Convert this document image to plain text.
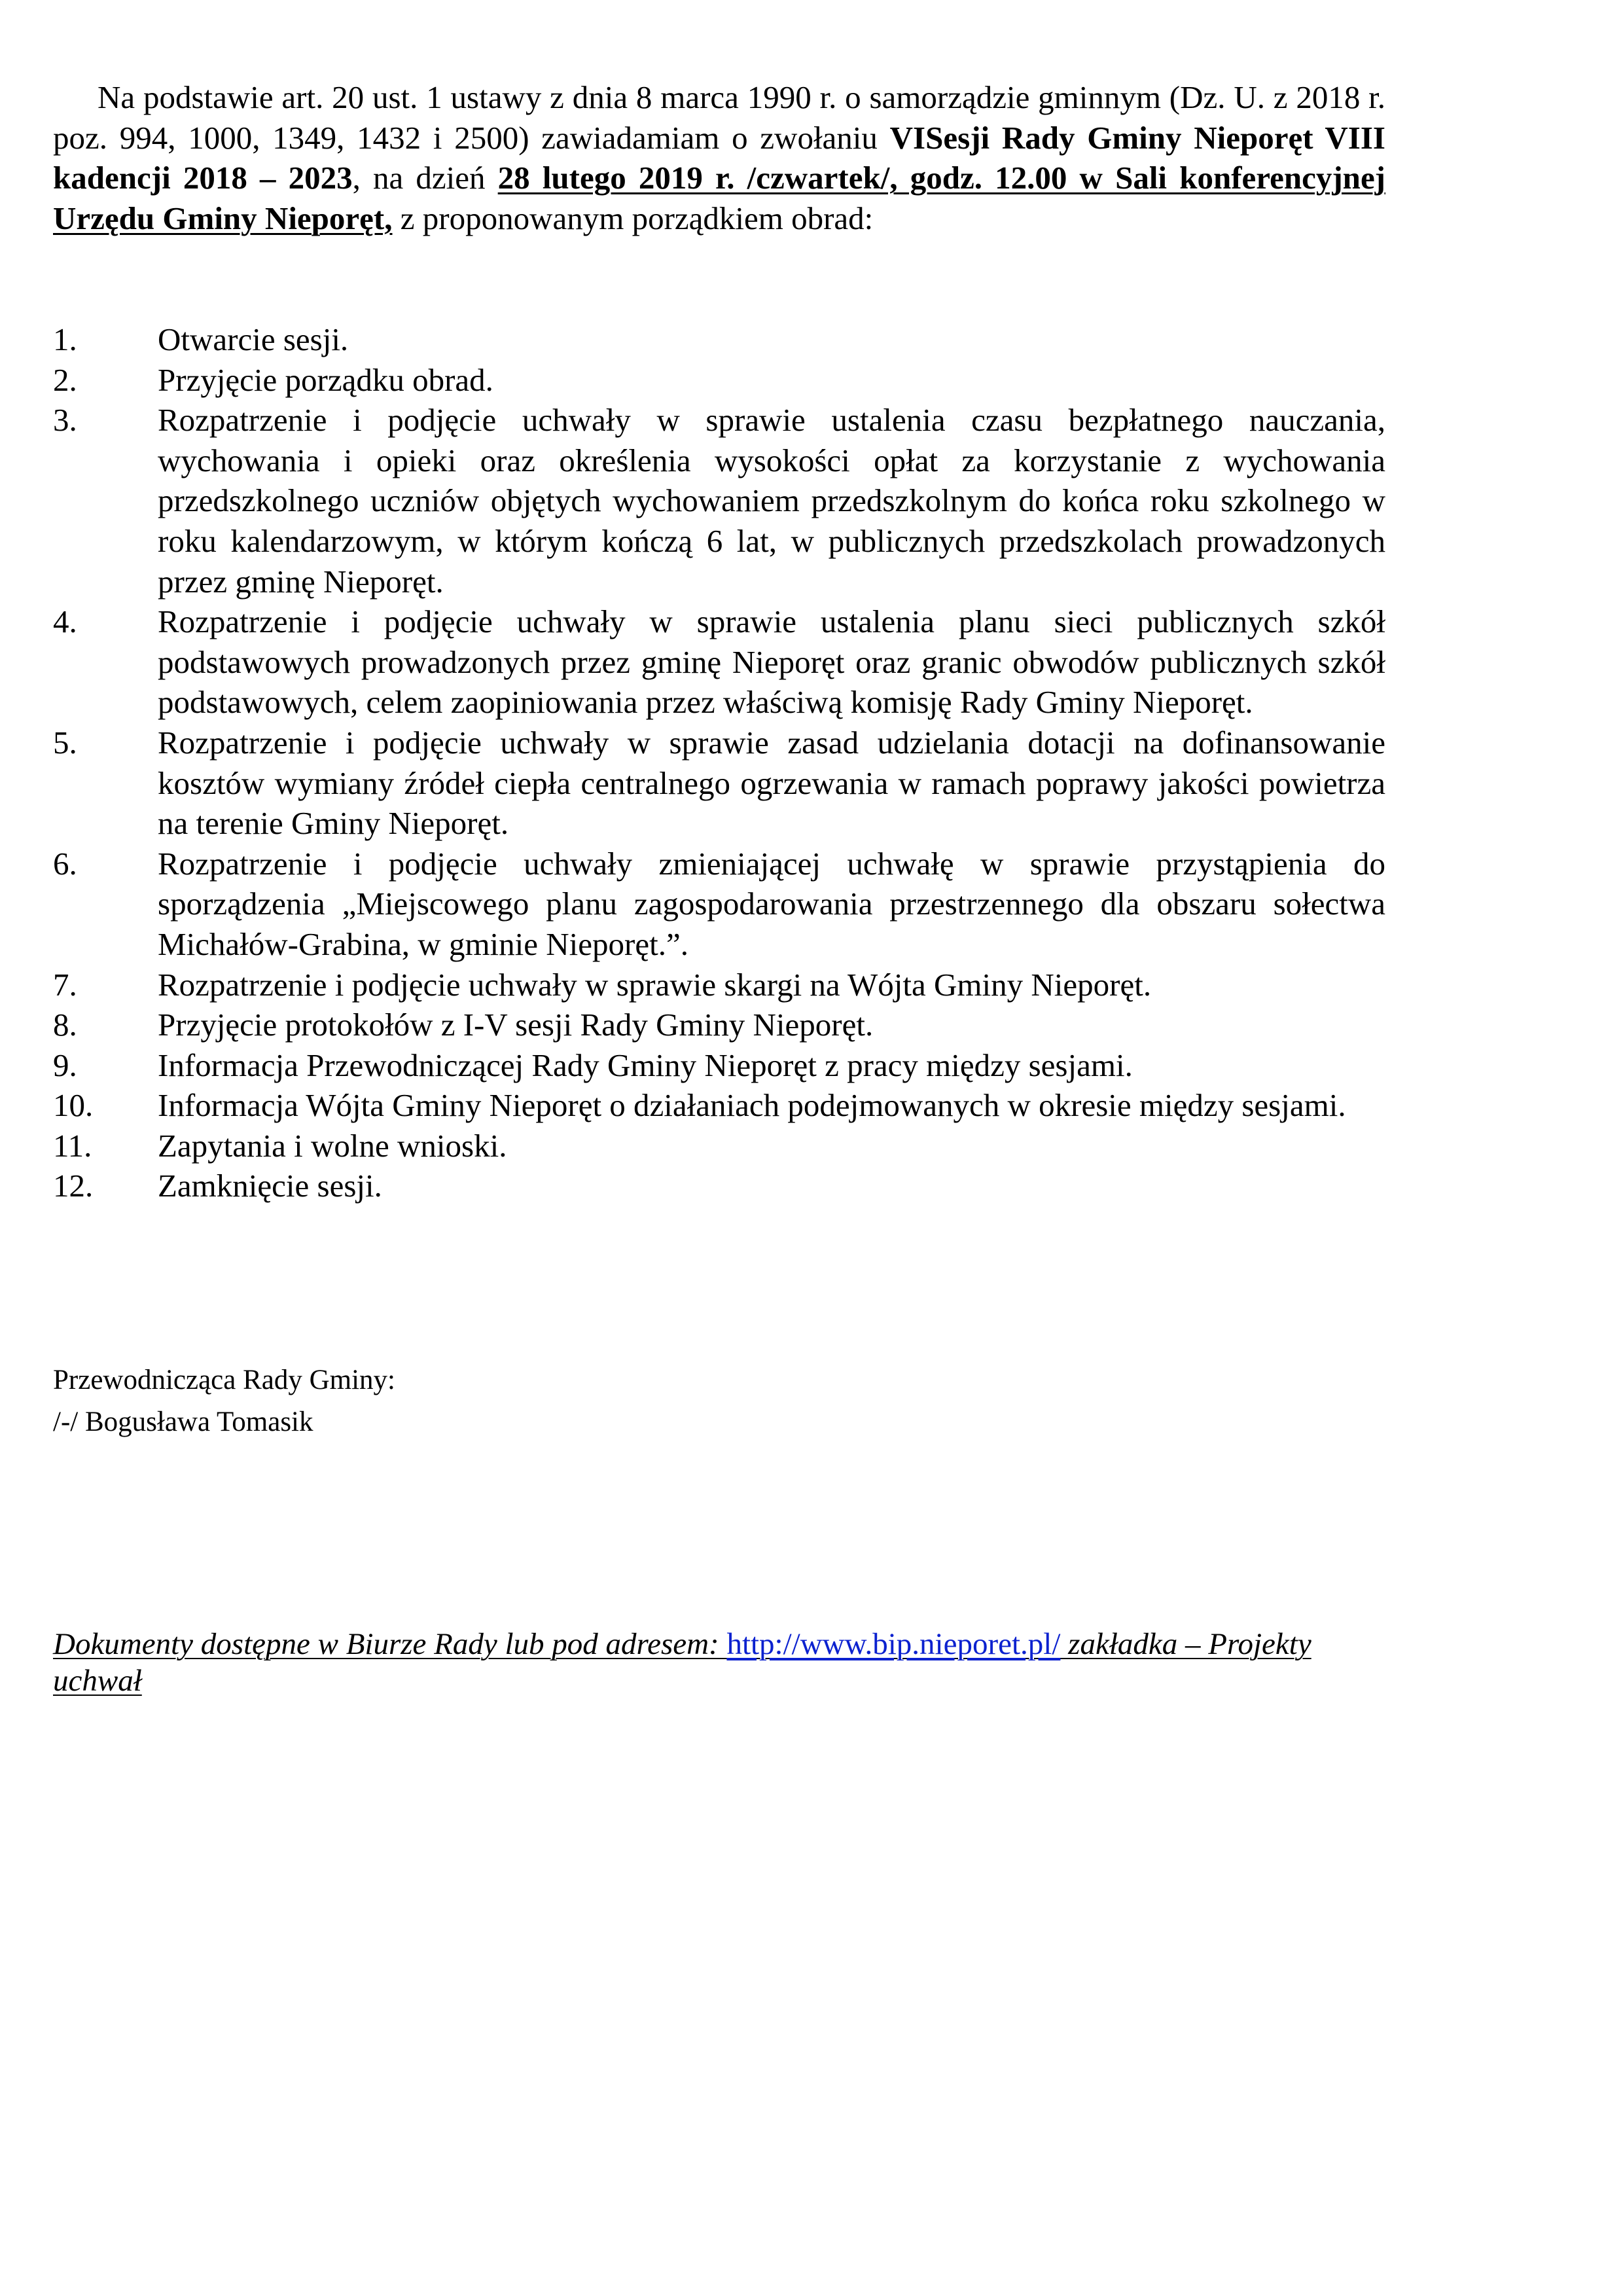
Na podstawie art. 20 ust. 1 ustawy z dnia 8 marca 1990 r. o samorządzie gminnym (Dz. U. z 2018 r. poz. 994, 1000, 1349, 1432 i 2500) zawiadamiam o zwołaniu VISesji Rady Gminy Nieporęt VIII kadencji 2018 – 2023, na dzień 28 lutego 2019 r. /czwartek/, godz. 12.00 w Sali konferencyjnej Urzędu Gminy Nieporęt, z proponowanym porządkiem obrad:

1.	Otwarcie sesji.
2.	Przyjęcie porządku obrad.
3.	Rozpatrzenie i podjęcie uchwały w sprawie ustalenia czasu bezpłatnego nauczania, wychowania i opieki oraz określenia wysokości opłat za korzystanie z wychowania przedszkolnego uczniów objętych wychowaniem przedszkolnym do końca roku szkolnego w roku kalendarzowym, w którym kończą 6 lat, w publicznych przedszkolach prowadzonych przez gminę Nieporęt.
4.	Rozpatrzenie i podjęcie uchwały w sprawie ustalenia planu sieci publicznych szkół podstawowych prowadzonych przez gminę Nieporęt oraz granic obwodów publicznych szkół podstawowych, celem zaopiniowania przez właściwą komisję Rady Gminy Nieporęt.
5.	Rozpatrzenie i podjęcie uchwały w sprawie zasad udzielania dotacji na dofinansowanie kosztów wymiany źródeł ciepła centralnego ogrzewania w ramach poprawy jakości powietrza na terenie Gminy Nieporęt.
6.	Rozpatrzenie i podjęcie uchwały zmieniającej uchwałę w sprawie przystąpienia do sporządzenia „Miejscowego planu zagospodarowania przestrzennego dla obszaru sołectwa Michałów-Grabina, w gminie Nieporęt.”.
7.	Rozpatrzenie i podjęcie uchwały w sprawie skargi na Wójta Gminy Nieporęt.
8.	Przyjęcie protokołów z I-V sesji Rady Gminy Nieporęt.
9.	Informacja Przewodniczącej Rady Gminy Nieporęt z pracy między sesjami.
10.	Informacja Wójta Gminy Nieporęt o działaniach podejmowanych w okresie między sesjami.
11.	Zapytania i wolne wnioski.
12.	Zamknięcie sesji.
Przewodnicząca Rady Gminy:
/-/ Bogusława Tomasik
Dokumenty dostępne w Biurze Rady lub pod adresem: http://www.bip.nieporet.pl/ zakładka – Projekty uchwał
